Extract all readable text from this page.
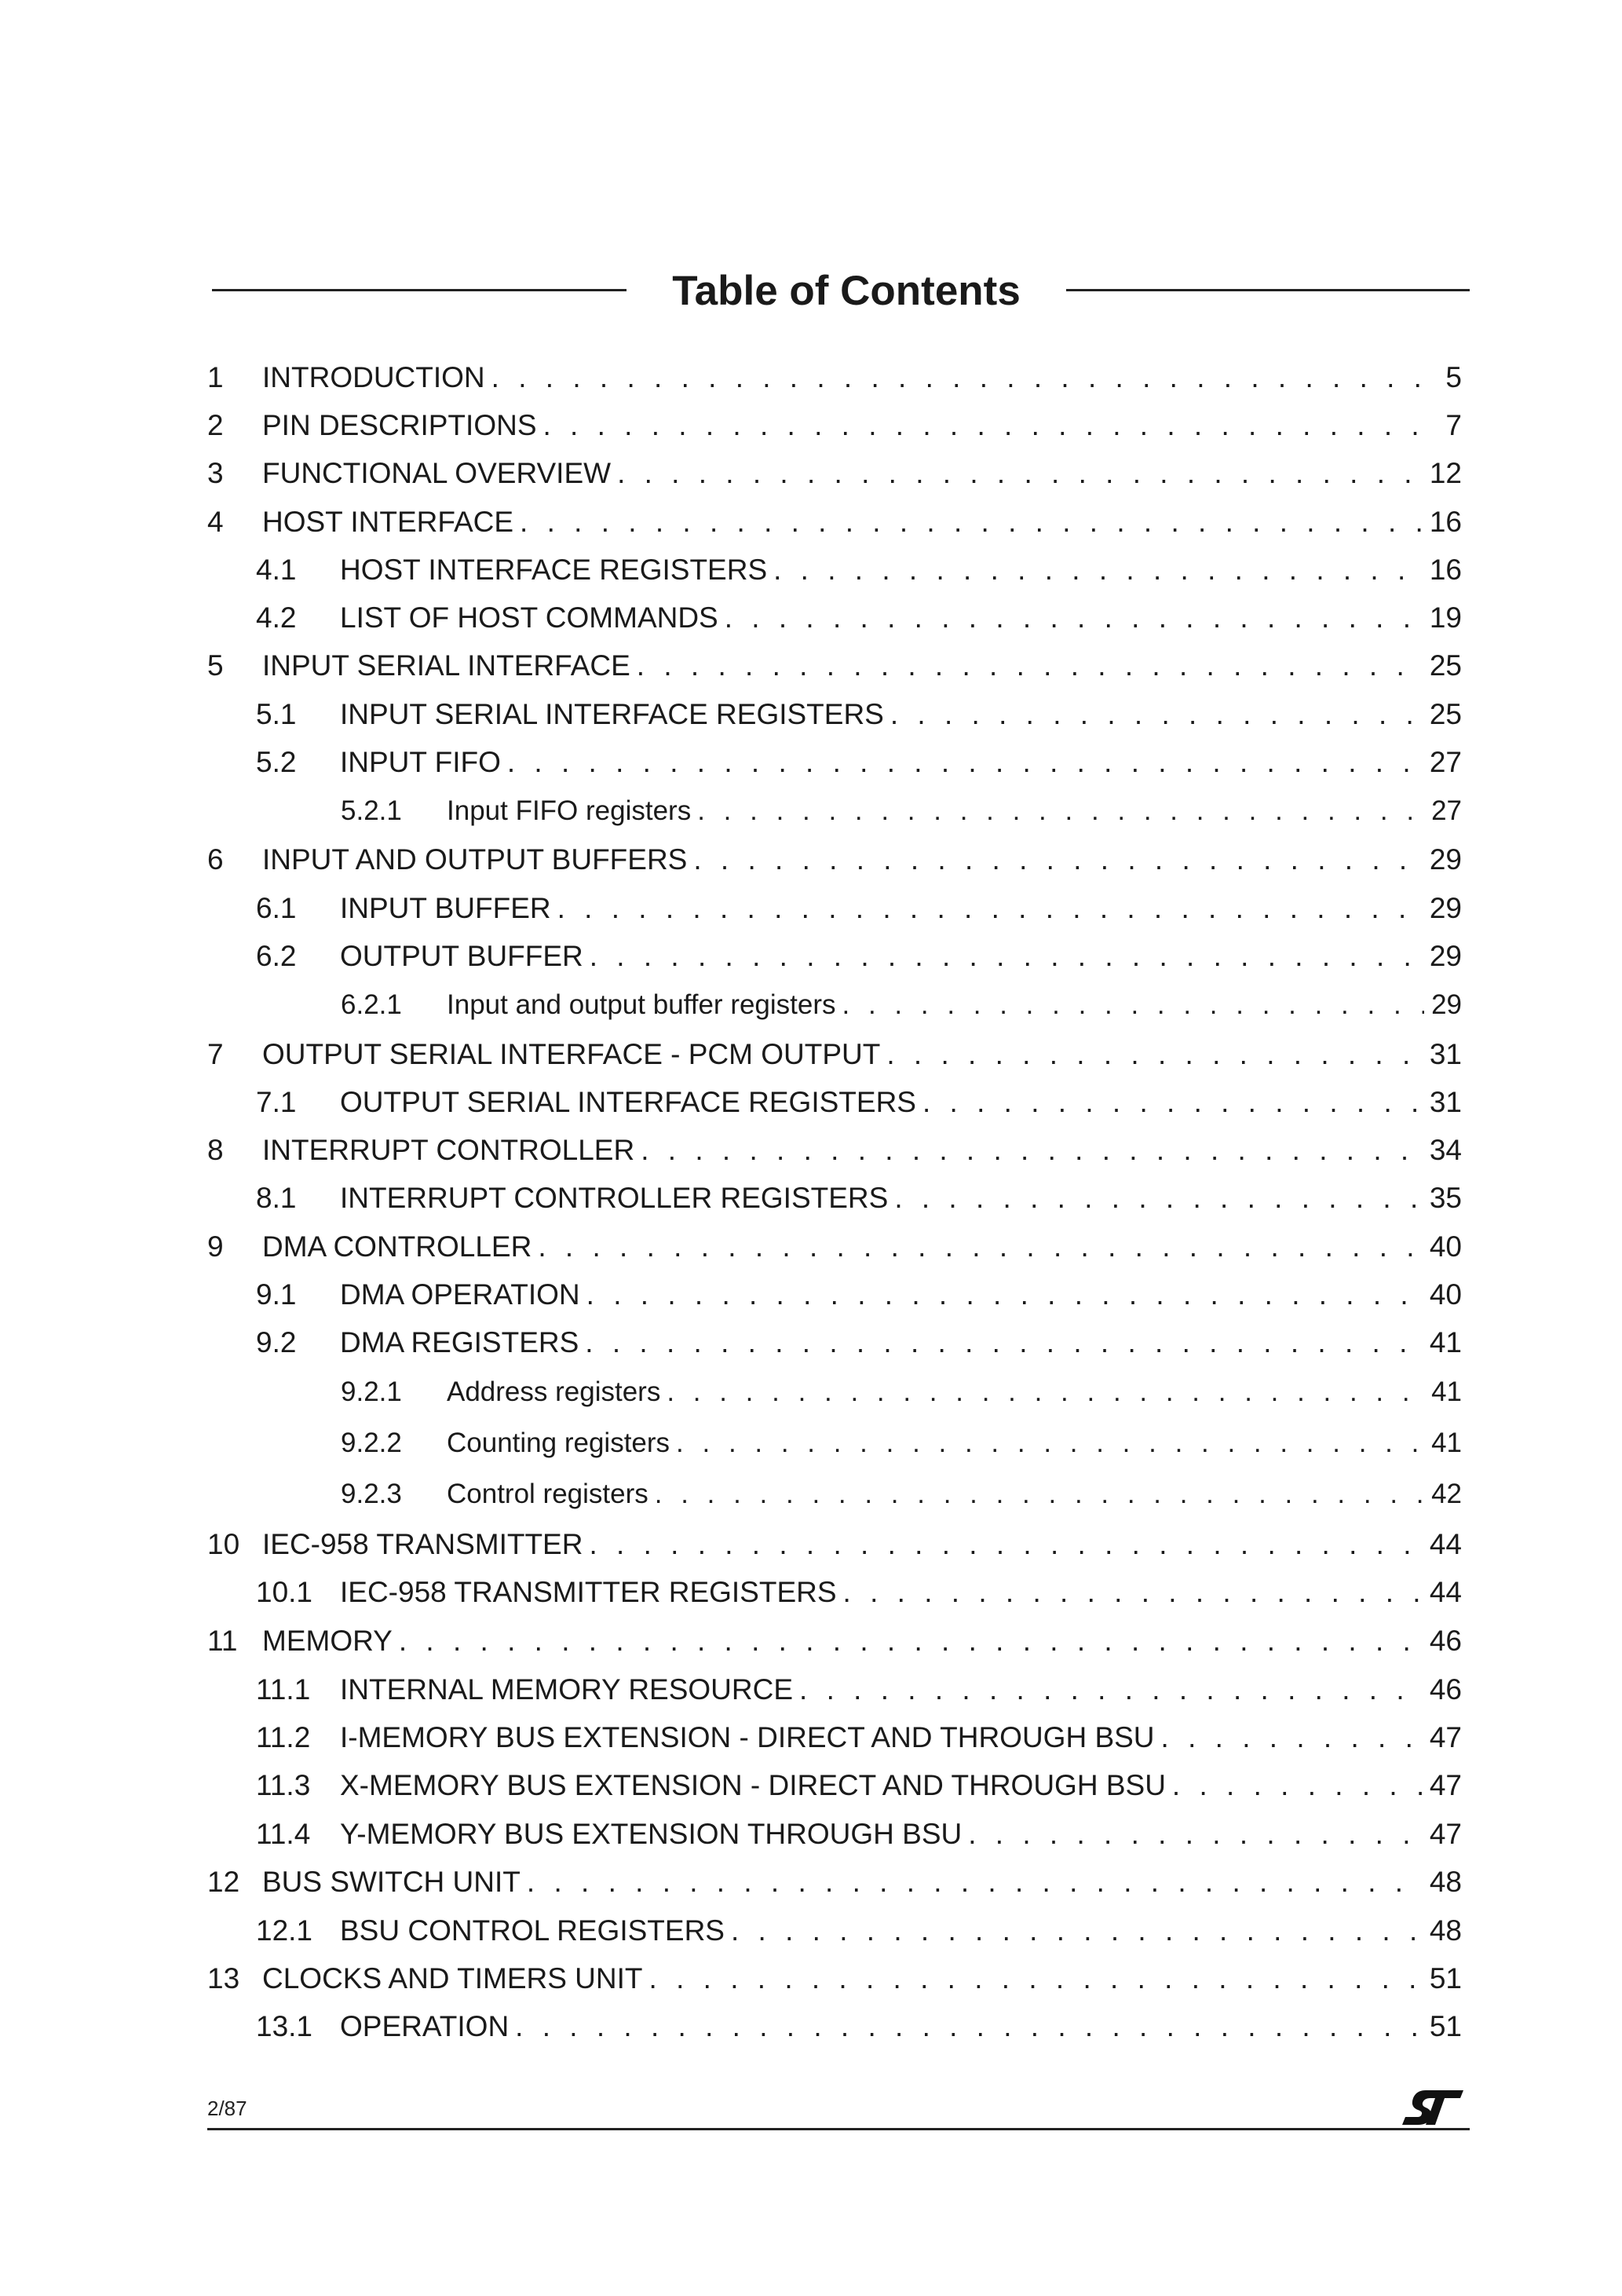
Table of Contents
1	INTRODUCTION . . .	5
2	PIN DESCRIPTIONS . . .	7
3	FUNCTIONAL OVERVIEW . . .	12
4	HOST INTERFACE . . .	16
4.1	HOST INTERFACE REGISTERS . . .	16
4.2	LIST OF HOST COMMANDS . . .	19
5	INPUT SERIAL INTERFACE . . .	25
5.1	INPUT SERIAL INTERFACE REGISTERS . . .	25
5.2	INPUT FIFO . . .	27
5.2.1	Input FIFO registers . . .	27
6	INPUT AND OUTPUT BUFFERS . . .	29
6.1	INPUT BUFFER . . .	29
6.2	OUTPUT BUFFER . . .	29
6.2.1	Input and output buffer registers . . .	29
7	OUTPUT SERIAL INTERFACE - PCM OUTPUT . . .	31
7.1	OUTPUT SERIAL INTERFACE REGISTERS . . .	31
8	INTERRUPT CONTROLLER . . .	34
8.1	INTERRUPT CONTROLLER REGISTERS . . .	35
9	DMA CONTROLLER . . .	40
9.1	DMA OPERATION . . .	40
9.2	DMA REGISTERS . . .	41
9.2.1	Address registers . . .	41
9.2.2	Counting registers . . .	41
9.2.3	Control registers . . .	42
10 IEC-958 TRANSMITTER . . .	44
10.1 IEC-958 TRANSMITTER REGISTERS . . .	44
11 MEMORY . . .	46
11.1	INTERNAL MEMORY RESOURCE . . .	46
11.2	I-MEMORY BUS EXTENSION - DIRECT AND THROUGH BSU . . .	47
11.3	X-MEMORY BUS EXTENSION - DIRECT AND THROUGH BSU . . .	47
11.4	Y-MEMORY BUS EXTENSION THROUGH BSU . . .	47
12 BUS SWITCH UNIT . . .	48
12.1 BSU CONTROL REGISTERS . . .	48
13 CLOCKS AND TIMERS UNIT . . .	51
13.1 OPERATION . . .	51
2/87
